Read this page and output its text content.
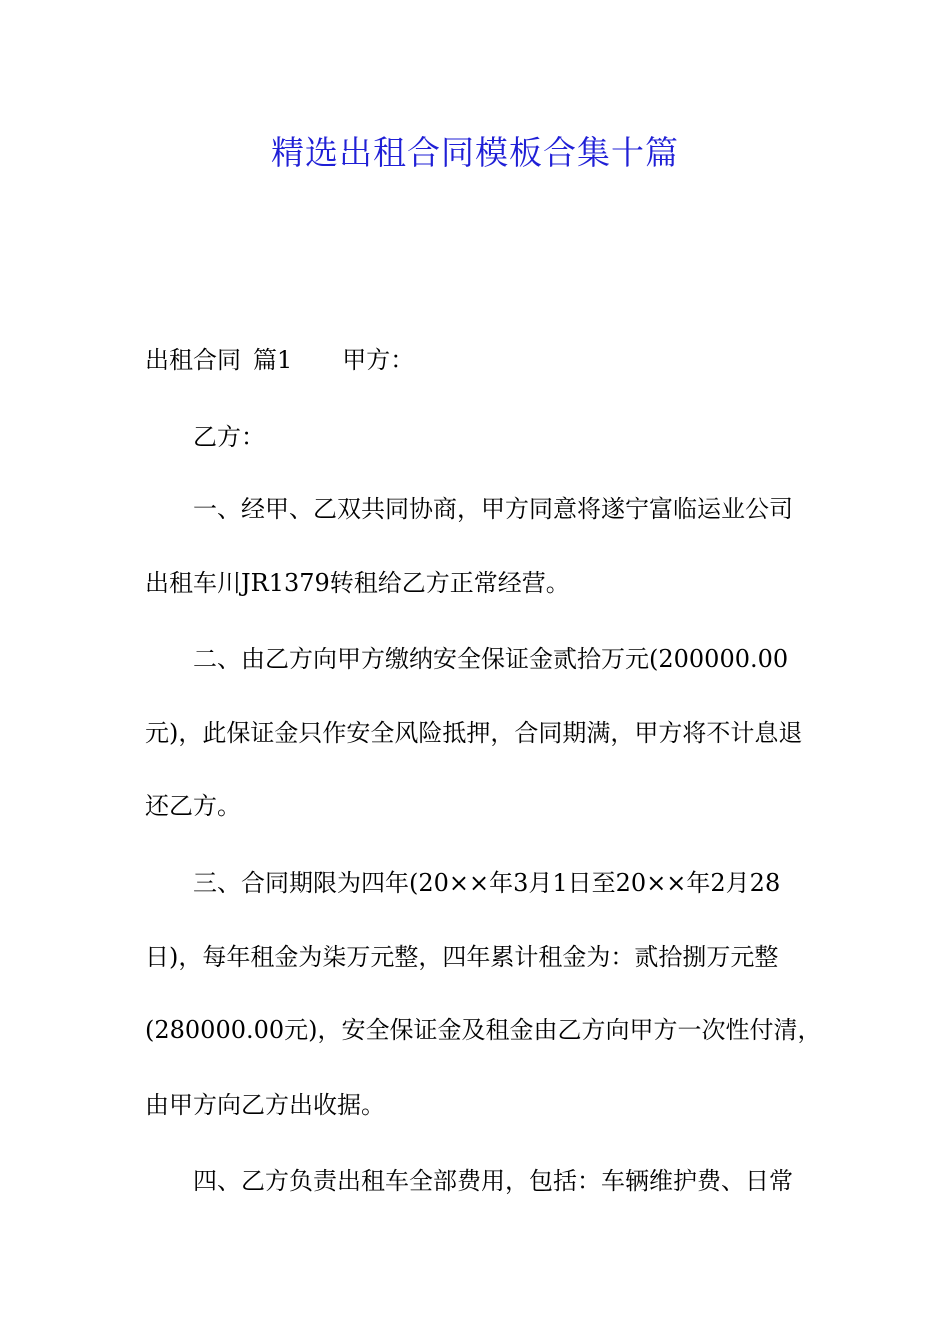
精选出租合同模板合集十篇
出租合同 篇1 甲方：
乙方：
一、经甲、乙双共同协商，甲方同意将遂宁富临运业公司
出租车川JR1379转租给乙方正常经营。
二、由乙方向甲方缴纳安全保证金贰拾万元(200000.00
元)，此保证金只作安全风险抵押，合同期满，甲方将不计息退
还乙方。
三、合同期限为四年(20××年3月1日至20××年2月28
日)，每年租金为柒万元整，四年累计租金为：贰拾捌万元整
(280000.00元)，安全保证金及租金由乙方向甲方一次性付清，
由甲方向乙方出收据。
四、乙方负责出租车全部费用，包括：车辆维护费、日常
